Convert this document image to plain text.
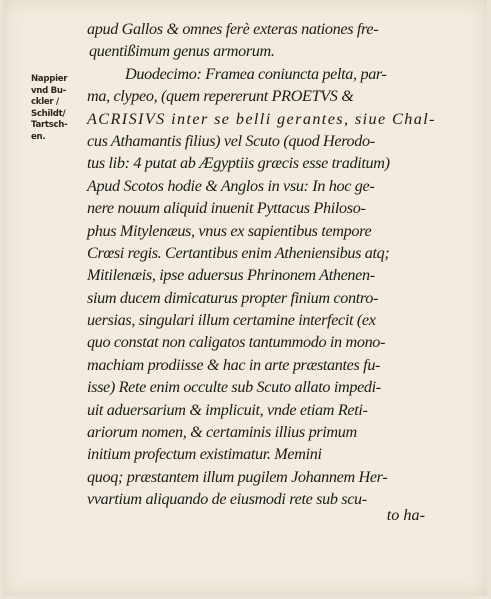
Nappier
vnd Bu-
ckler /
Schildt/
Tartsch-
en.
apud Gallos & omnes ferè exteras nationes fre-
quentißimum genus armorum.
Duodecimo: Framea coniuncta pelta, par-
ma, clypeo, (quem repererunt PROETVS &
ACRISIVS inter se belli gerantes, siue Chal-
cus Athamantis filius) vel Scuto (quod Herodo-
tus lib: 4 putat ab Ægyptiis græcis esse traditum)
Apud Scotos hodie & Anglos in vsu: In hoc ge-
nere nouum aliquid inuenit Pyttacus Philoso-
phus Mitylenæus, vnus ex sapientibus tempore
Crœsi regis. Certantibus enim Atheniensibus atq;
Mitilenæis, ipse aduersus Phrinonem Athenen-
sium ducem dimicaturus propter finium contro-
uersias, singulari illum certamine interfecit (ex
quo constat non caligatos tantummodo in mono-
machiam prodiisse & hac in arte præstantes fu-
isse) Rete enim occulte sub Scuto allato impedi-
uit aduersarium & implicuit, vnde etiam Reti-
ariorum nomen, & certaminis illius primum
initium profectum existimatur. Memini
quoq; præstantem illum pugilem Johannem Her-
vvartium aliquando de eiusmodi rete sub scu-
to ha-
